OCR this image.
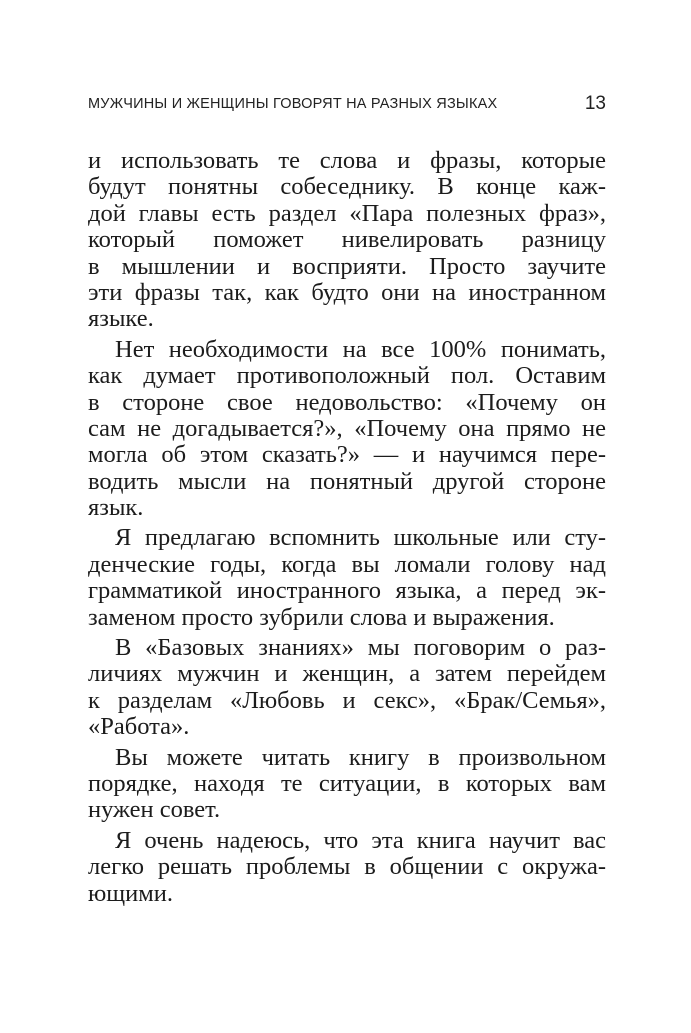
МУЖЧИНЫ И ЖЕНЩИНЫ ГОВОРЯТ НА РАЗНЫХ ЯЗЫКАХ	13

и использовать те слова и фразы, которые
будут понятны собеседнику. В конце каж-
дой главы есть раздел «Пара полезных фраз»,
который поможет нивелировать разницу
в мышлении и восприяти. Просто заучите
эти фразы так, как будто они на иностранном
языке.

Нет необходимости на все 100% понимать,
как думает противоположный пол. Оставим
в стороне свое недовольство: «Почему он
сам не догадывается?», «Почему она прямо не
могла об этом сказать?» — и научимся пере-
водить мысли на понятный другой стороне
язык.

Я предлагаю вспомнить школьные или сту-
денческие годы, когда вы ломали голову над
грамматикой иностранного языка, а перед эк-
заменом просто зубрили слова и выражения.

В «Базовых знаниях» мы поговорим о раз-
личиях мужчин и женщин, а затем перейдем
к разделам «Любовь и секс», «Брак/Семья»,
«Работа».

Вы можете читать книгу в произвольном
порядке, находя те ситуации, в которых вам
нужен совет.

Я очень надеюсь, что эта книга научит вас
легко решать проблемы в общении с окружа-
ющими.
